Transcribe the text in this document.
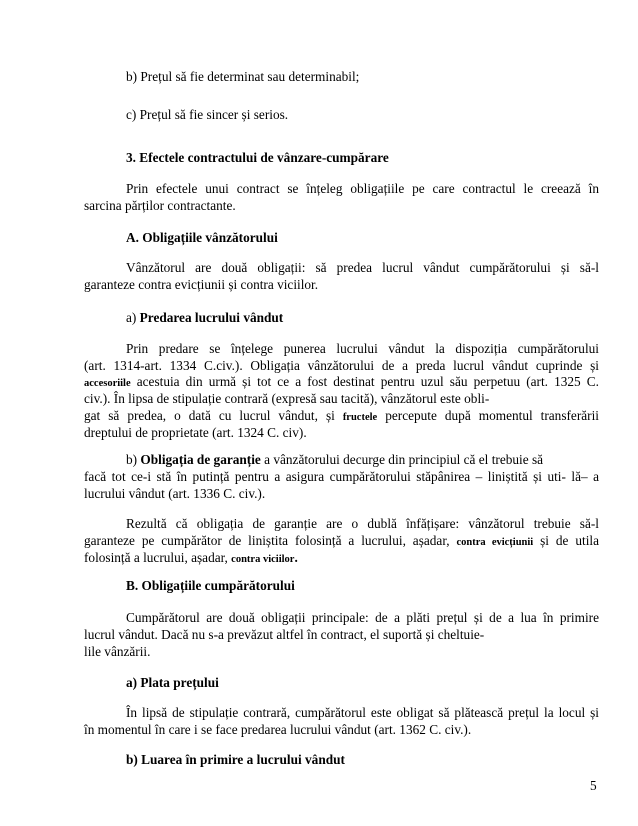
b) Prețul să fie determinat sau determinabil;
c) Prețul să fie sincer și serios.
3. Efectele contractului de vânzare-cumpărare
Prin efectele unui contract se înțeleg obligațiile pe care contractul le creează în
sarcina părților contractante.
A. Obligațiile vânzătorului
Vânzătorul are două obligații: să predea lucrul vândut cumpărătorului și să-l
garanteze contra evicțiunii și contra viciilor.
a) Predarea lucrului vândut
Prin predare se înțelege punerea lucrului vândut la dispoziția cumpărătorului
(art. 1314-art. 1334 C.civ.). Obligația vânzătorului de a preda lucrul vândut cuprinde și
accesoriile acestuia din urmă și tot ce a fost destinat pentru uzul său perpetuu (art. 1325 C.
civ.). În lipsa de stipulație contrară (expresă sau tacită), vânzătorul este obli-
gat să predea, o dată cu lucrul vândut, și fructele percepute după momentul transferării
dreptului de proprietate (art. 1324 C. civ).
b) Obligația de garanție a vânzătorului decurge din principiul că el trebuie să
facă tot ce-i stă în putință pentru a asigura cumpărătorului stăpânirea – liniștită și uti- lă– a
lucrului vândut (art. 1336 C. civ.).
Rezultă că obligația de garanție are o dublă înfățișare: vânzătorul trebuie să-l
garanteze pe cumpărător de liniștita folosință a lucrului, așadar, contra evicțiunii și de utila
folosință a lucrului, așadar, contra viciilor.
B. Obligațiile cumpărătorului
Cumpărătorul are două obligații principale: de a plăti prețul și de a lua în primire
lucrul vândut. Dacă nu s-a prevăzut altfel în contract, el suportă și cheltuie-
lile vânzării.
a) Plata prețului
În lipsă de stipulație contrară, cumpărătorul este obligat să plătească prețul la locul și
în momentul în care i se face predarea lucrului vândut (art. 1362 C. civ.).
b) Luarea în primire a lucrului vândut
5
